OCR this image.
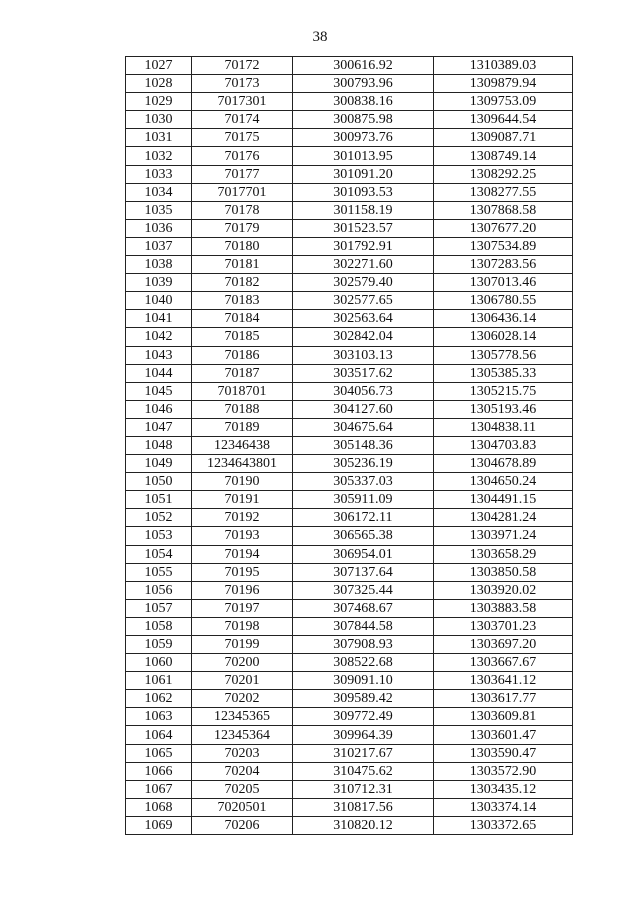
38
1027	70172	300616.92	1310389.03
1028	70173	300793.96	1309879.94
1029	7017301	300838.16	1309753.09
1030	70174	300875.98	1309644.54
1031	70175	300973.76	1309087.71
1032	70176	301013.95	1308749.14
1033	70177	301091.20	1308292.25
1034	7017701	301093.53	1308277.55
1035	70178	301158.19	1307868.58
1036	70179	301523.57	1307677.20
1037	70180	301792.91	1307534.89
1038	70181	302271.60	1307283.56
1039	70182	302579.40	1307013.46
1040	70183	302577.65	1306780.55
1041	70184	302563.64	1306436.14
1042	70185	302842.04	1306028.14
1043	70186	303103.13	1305778.56
1044	70187	303517.62	1305385.33
1045	7018701	304056.73	1305215.75
1046	70188	304127.60	1305193.46
1047	70189	304675.64	1304838.11
1048	12346438	305148.36	1304703.83
1049	1234643801	305236.19	1304678.89
1050	70190	305337.03	1304650.24
1051	70191	305911.09	1304491.15
1052	70192	306172.11	1304281.24
1053	70193	306565.38	1303971.24
1054	70194	306954.01	1303658.29
1055	70195	307137.64	1303850.58
1056	70196	307325.44	1303920.02
1057	70197	307468.67	1303883.58
1058	70198	307844.58	1303701.23
1059	70199	307908.93	1303697.20
1060	70200	308522.68	1303667.67
1061	70201	309091.10	1303641.12
1062	70202	309589.42	1303617.77
1063	12345365	309772.49	1303609.81
1064	12345364	309964.39	1303601.47
1065	70203	310217.67	1303590.47
1066	70204	310475.62	1303572.90
1067	70205	310712.31	1303435.12
1068	7020501	310817.56	1303374.14
1069	70206	310820.12	1303372.65
